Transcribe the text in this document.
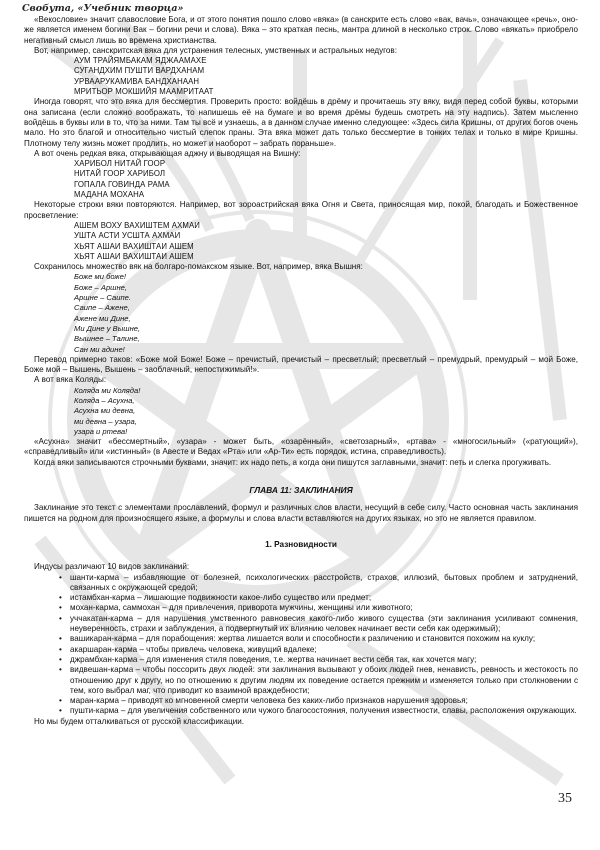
Свобута, «Учебник творца»

«Векословие» значит славословие Бога, и от этого понятия пошло слово «вяка» (в санскрите есть слово «вак, вачь», означающее «речь», оно-же является именем богини Вак – богини речи и слова). Вяка – это краткая песнь, мантра длиной в несколько строк. Слово «вякать» приобрело негативный смысл лишь во времена христианства.

Вот, например, санскритская вяка для устранения телесных, умственных и астральных недугов:

АУМ ТРАЙЯМБАКАМ ЯДЖААМАХЕ
СУГАНДХИМ ПУШТИ ВАРДХАНАМ
УРВААРУКАМИВА БАНДХАНААН
МРИТЬОР МОКШИЙЯ МААМРИТААТ

Иногда говорят, что это вяка для бессмертия. Проверить просто: войдёшь в дрёму и прочитаешь эту вяку, видя перед собой буквы, которыми она записана (если сложно воображать, то напишешь её на бумаге и во время дрёмы будешь смотреть на эту надпись). Затем мысленно войдёшь в буквы или в то, что за ними. Там ты всё и узнаешь, а в данном случае именно следующее: «Здесь сила Кришны, от других богов очень мало. Но это благой и относительно чистый слепок праны. Эта вяка может дать только бессмертие в тонких телах и только в мире Кришны. Плотному телу жизнь может продлить, но может и наоборот – забрать пораньше».

А вот очень редкая вяка, открывающая аджну и выводящая на Вишну:

ХАРИБОЛ НИТАЙ ГООР
НИТАЙ ГООР ХАРИБОЛ
ГОПАЛА ГОВИНДА РАМА
МАДАНА МОХАНА

Некоторые строки вяки повторяются. Например, вот зороастрийская вяка Огня и Света, приносящая мир, покой, благодать и Божественное просветление:

АШЕМ ВОХУ ВАХИШТЕМ АХМАИ
УШТА АСТИ УСШТА АХМАИ
ХЬЯТ АШАИ ВАХИШТАИ АШЕМ
ХЬЯТ АШАИ ВАХИШТАИ АШЕМ

Сохранилось множество вяк на болгаро-помакском языке. Вот, например, вяка Вышня:

Боже ми боже!
Боже – Аршне,
Аршне – Саипе.
Саипе – Ажене,
Ажене ми Дине,
Ми Дине у Вышне,
Вышнее – Талине,
Сан ми адине!

Перевод примерно таков: «Боже мой Боже! Боже – пречистый, пречистый – пресветлый; пресветлый – премудрый, премудрый – мой Боже, Боже мой – Вышень, Вышень – заоблачный, непостижимый!».

А вот вяка Коляды:

Коляда ми Коляда!
Коляда – Асухна,
Асухна ми девна,
ми девна – узара,
узара и ртева!

«Асухна» значит «бессмертный», «узара» - может быть, «озарённый», «светозарный», «ртава» - «многосильный» («ратующий»), «справедливый» или «истинный» (в Авесте и Ведах «Рта» или «Ар-Ти» есть порядок, истина, справедливость).

Когда вяки записываются строчными буквами, значит: их надо петь, а когда они пишутся заглавными, значит: петь и слегка прогуживать.

ГЛАВА 11: ЗАКЛИНАНИЯ

Заклинание это текст с элементами прославлений, формул и различных слов власти, несущий в себе силу. Часто основная часть заклинания пишется на родном для произносящего языке, а формулы и слова власти вставляются на других языках, но это не является правилом.

1. Разновидности

Индусы различают 10 видов заклинаний:

• шанти-карма – избавляющие от болезней, психологических расстройств, страхов, иллюзий, бытовых проблем и затруднений, связанных с окружающей средой;
• истамбхан-карма – лишающие подвижности какое-либо существо или предмет;
• мохан-карма, саммохан – для привлечения, приворота мужчины, женщины или животного;
• уччакатан-карма – для нарушения умственного равновесия какого-либо живого существа (эти заклинания усиливают сомнения, неуверенность, страхи и заблуждения, а подвергнутый их влиянию человек начинает вести себя как одержимый);
• вашикаран-карма – для порабощения: жертва лишается воли и способности к различению и становится похожим на куклу;
• акаршаран-карма – чтобы привлечь человека, живущий вдалеке;
• джрамбхан-карма – для изменения стиля поведения, т.е. жертва начинает вести себя так, как хочется магу;
• видвешан-карма – чтобы поссорить двух людей: эти заклинания вызывают у обоих людей гнев, ненависть, ревность и жестокость по отношению друг к другу, но по отношению к другим людям их поведение остается прежним и изменяется только при столкновении с тем, кого выбрал маг, что приводит ко взаимной враждебности;
• маран-карма – приводят ко мгновенной смерти человека без каких-либо признаков нарушения здоровья;
• пушти-карма – для увеличения собственного или чужого благосостояния, получения известности, славы, расположения окружающих.

Но мы будем отталкиваться от русской классификации.

35
